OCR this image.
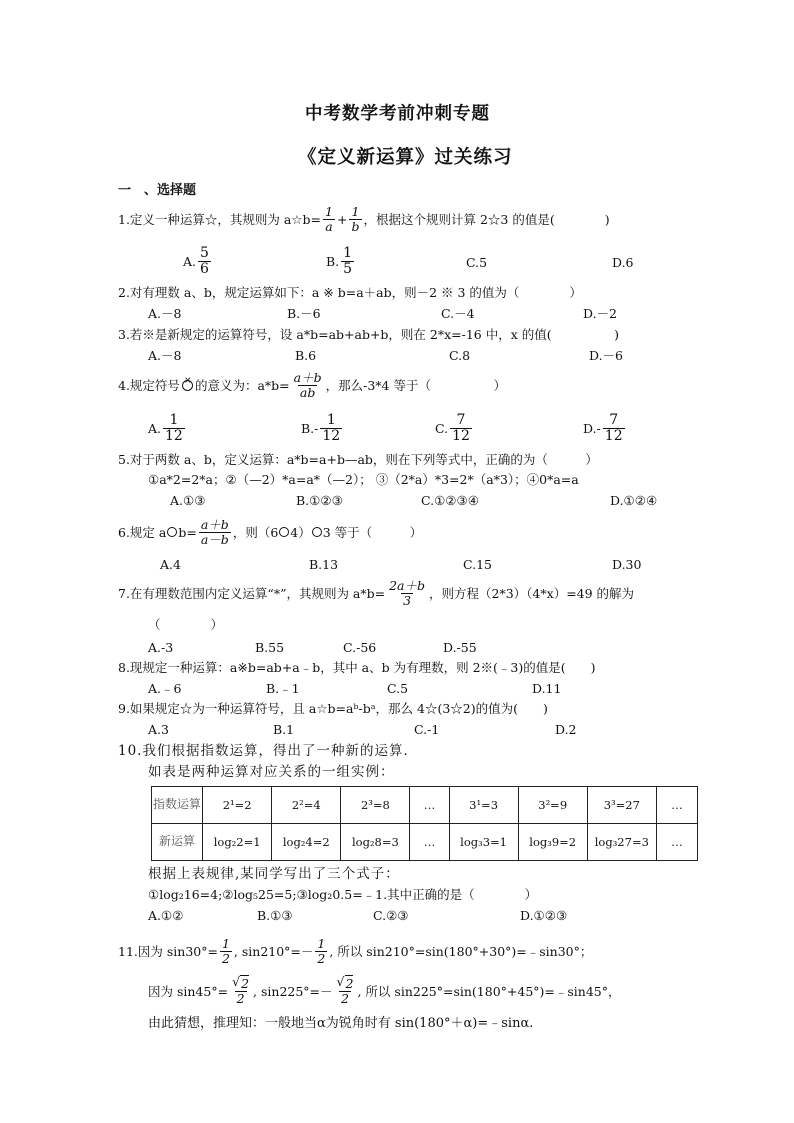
中考数学考前冲刺专题
《定义新运算》过关练习
一　、选择题
1.定义一种运算☆，其规则为 a☆b= $\frac{1}{a} + \frac{1}{b}$ ，根据这个规则计算 2☆3 的值是(　　　　)
A. $\frac{5}{6}$	B. $\frac{1}{5}$	C.5	D.6
2.对有理数 a、b，规定运算如下：a ※ b=a＋ab，则－2 ※ 3 的值为（　　　　）
A.－8	B.－6	C.－4	D.－2
3.若※是新规定的运算符号，设 a*b=ab+ab+b，则在 2*x=-16 中，x 的值(　　　　　)
A.－8	B.6	C.8	D.－6
4.规定符号 × 的意义为：$a*b= \frac{a+b}{ab}$ ，那么-3*4 等于（　　　　　）
A. $\frac{1}{12}$	$B.- \frac{1}{12}$	C. $\frac{7}{12}$	$D.- \frac{7}{12}$
5.对于两数 a、b，定义运算：a*b=a+b—ab，则在下列等式中，正确的为（　　　）
①a*2=2*a；②（—2）*a=a*（—2）； ③（2*a）*3=2*（a*3）；④0*a=a
A.①③	B.①②③	C.①②③④	D.①②④
6.规定 a $b= \frac{a+b}{a-b}$ ，则（6 4） 3 等于（　　　）
A.4	B.13	C.15	D.30
7.在有理数范围内定义运算“*”，其规则为 $a*b= \frac{2a+b}{3}$ ，则方程（2*3）（4*x）=49 的解为
（　　　　）
A.-3	B.55	C.-56	D.-55
8.现规定一种运算：a※b=ab+a﹣b，其中 a、b 为有理数，则 2※(﹣3)的值是(　　)
A.﹣6	B.﹣1	C.5	D.11
9.如果规定☆为一种运算符号，且 a☆b=aᵇ-bᵃ，那么 4☆(3☆2)的值为(　　)
A.3	B.1	C.-1	D.2
10.我们根据指数运算，得出了一种新的运算．
如表是两种运算对应关系的一组实例：
指数运算	2¹=2	2²=4	2³=8	…	3¹=3	3²=9	3³=27	…
新运算	log₂2=1	log₂4=2	log₂8=3	…	log₃3=1	log₃9=2	log₃27=3	…
根据上表规律,某同学写出了三个式子：
①log₂16=4;②log₅25=5;③log₂0.5=﹣1.其中正确的是（　　　　）
A.①②	B.①③	C.②③	D.①②③
11.因为 $\sin 30^\circ= \frac{1}{2}$ , $\sin 210^\circ=- \frac{1}{2}$ , 所以 sin210°=sin(180°+30°)=﹣sin30°；
因为 $\sin 45^\circ= \frac{√ 2}{2}$ , $\sin 225^\circ=- \frac{√ 2}{2}$ , 所以 sin225°=sin(180°+45°)=﹣sin45°，
由此猜想，推理知：一般地当α为锐角时有 sin(180°＋α)=﹣sinα.
